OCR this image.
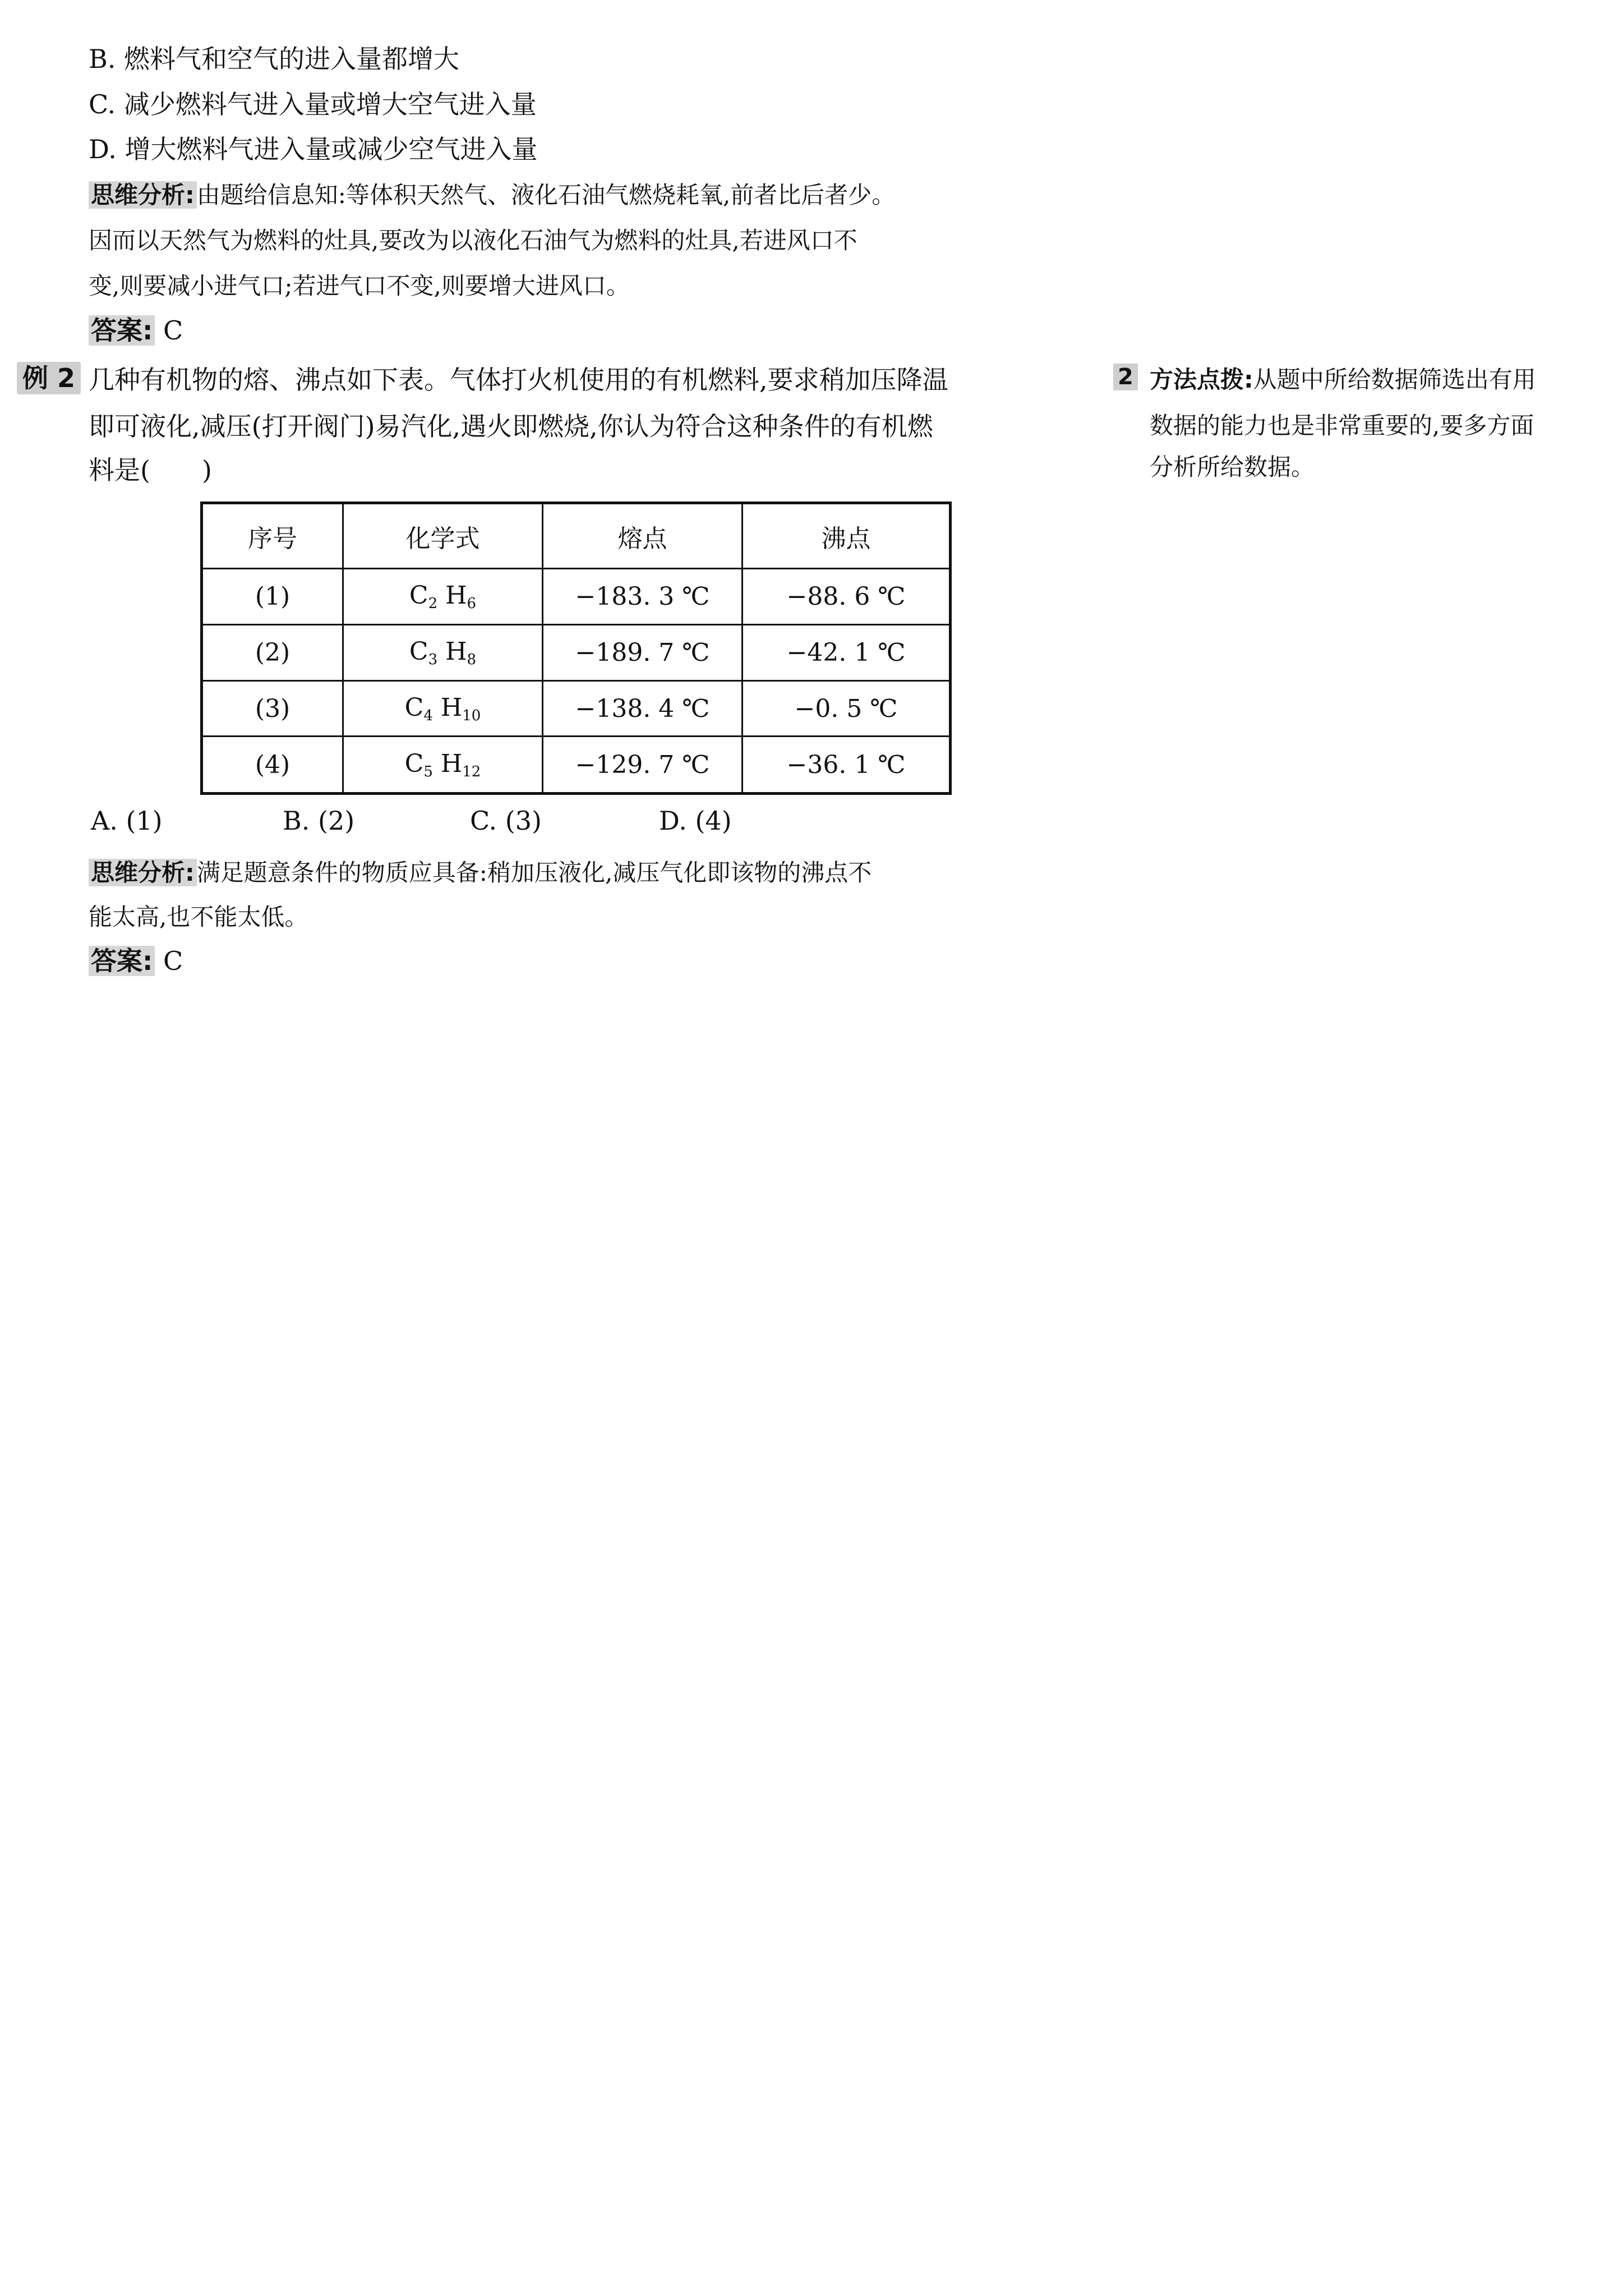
B. 燃料气和空气的进入量都增大
C. 减少燃料气进入量或增大空气进入量
D. 增大燃料气进入量或减少空气进入量
思维分析:由题给信息知:等体积天然气、液化石油气燃烧耗氧,前者比后者少。
因而以天然气为燃料的灶具,要改为以液化石油气为燃料的灶具,若进风口不
变,则要减小进气口;若进气口不变,则要增大进风口。
答案: C
例 2 几种有机物的熔、沸点如下表。气体打火机使用的有机燃料,要求稍加压降温
即可液化,减压(打开阀门)易汽化,遇火即燃烧,你认为符合这种条件的有机燃
料是(　　)
序号	化学式	熔点	沸点
(1)	$C_2$ $H_6$	−183. 3 ℃	−88. 6 ℃
(2)	$C_3$ $H_8$	−189. 7 ℃	−42. 1 ℃
(3)	$C_4$ $H_{10}$	−138. 4 ℃	−0. 5 ℃
(4)	$C_5$ $H_{12}$	−129. 7 ℃	−36. 1 ℃
A. (1)	B. (2)	C. (3)	D. (4)
思维分析:满足题意条件的物质应具备:稍加压液化,减压气化即该物的沸点不
能太高,也不能太低。
答案: C
2 方法点拨:从题中所给数据筛选出有用
数据的能力也是非常重要的,要多方面
分析所给数据。
